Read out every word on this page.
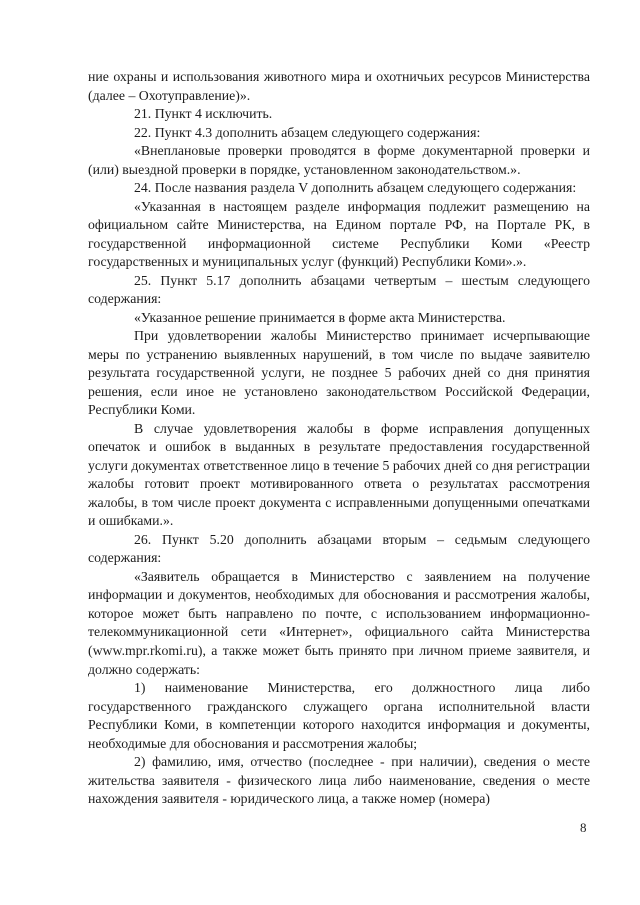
ние охраны и использования животного мира и охотничьих ресурсов Министерства (далее – Охотуправление)».

21. Пункт 4 исключить.

22. Пункт 4.3 дополнить абзацем следующего содержания:

«Внеплановые проверки проводятся в форме документарной проверки и (или) выездной проверки в порядке, установленном законодательством.».

24. После названия раздела V дополнить абзацем следующего содержания:

«Указанная в настоящем разделе информация подлежит размещению на официальном сайте Министерства, на Едином портале РФ, на Портале РК, в государственной информационной системе Республики Коми «Реестр государственных и муниципальных услуг (функций) Республики Коми».».

25. Пункт 5.17 дополнить абзацами четвертым – шестым следующего содержания:

«Указанное решение принимается в форме акта Министерства.

При удовлетворении жалобы Министерство принимает исчерпывающие меры по устранению выявленных нарушений, в том числе по выдаче заявителю результата государственной услуги, не позднее 5 рабочих дней со дня принятия решения, если иное не установлено законодательством Российской Федерации, Республики Коми.

В случае удовлетворения жалобы в форме исправления допущенных опечаток и ошибок в выданных в результате предоставления государственной услуги документах ответственное лицо в течение 5 рабочих дней со дня регистрации жалобы готовит проект мотивированного ответа о результатах рассмотрения жалобы, в том числе проект документа с исправленными допущенными опечатками и ошибками.».

26. Пункт 5.20 дополнить абзацами вторым – седьмым следующего содержания:

«Заявитель обращается в Министерство с заявлением на получение информации и документов, необходимых для обоснования и рассмотрения жалобы, которое может быть направлено по почте, с использованием информационно-телекоммуникационной сети «Интернет», официального сайта Министерства (www.mpr.rkomi.ru), а также может быть принято при личном приеме заявителя, и должно содержать:

1) наименование Министерства, его должностного лица либо государственного гражданского служащего органа исполнительной власти Республики Коми, в компетенции которого находится информация и документы, необходимые для обоснования и рассмотрения жалобы;

2) фамилию, имя, отчество (последнее - при наличии), сведения о месте жительства заявителя - физического лица либо наименование, сведения о месте нахождения заявителя - юридического лица, а также номер (номера)

8
